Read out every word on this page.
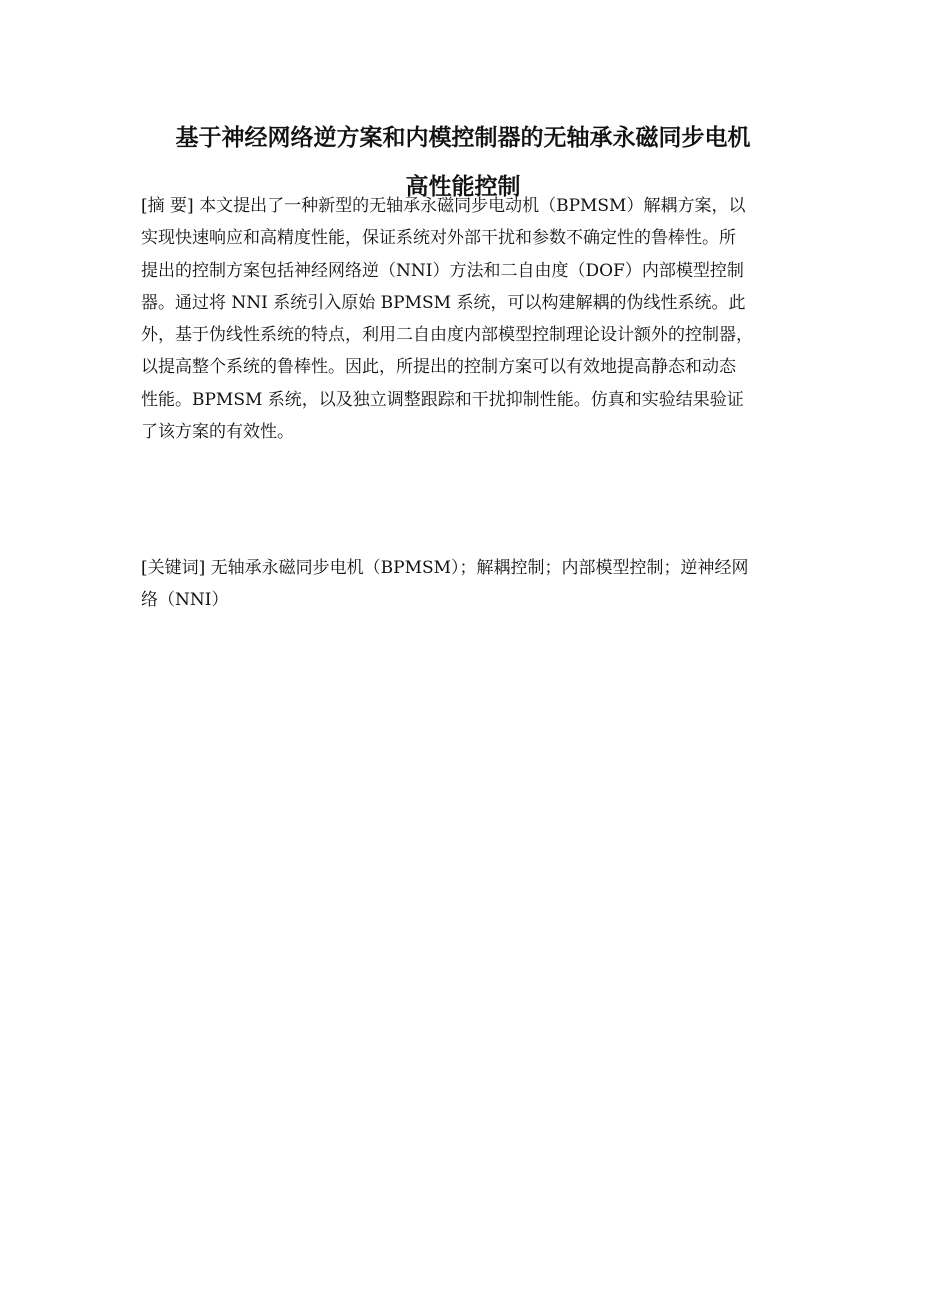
基于神经网络逆方案和内模控制器的无轴承永磁同步电机
高性能控制

[摘 要] 本文提出了一种新型的无轴承永磁同步电动机（BPMSM）解耦方案，以
实现快速响应和高精度性能，保证系统对外部干扰和参数不确定性的鲁棒性。所
提出的控制方案包括神经网络逆（NNI）方法和二自由度（DOF）内部模型控制
器。通过将 NNI 系统引入原始 BPMSM 系统，可以构建解耦的伪线性系统。此
外，基于伪线性系统的特点，利用二自由度内部模型控制理论设计额外的控制器，
以提高整个系统的鲁棒性。因此，所提出的控制方案可以有效地提高静态和动态
性能。BPMSM 系统，以及独立调整跟踪和干扰抑制性能。仿真和实验结果验证
了该方案的有效性。

[关键词] 无轴承永磁同步电机（BPMSM）；解耦控制；内部模型控制；逆神经网
络（NNI）
